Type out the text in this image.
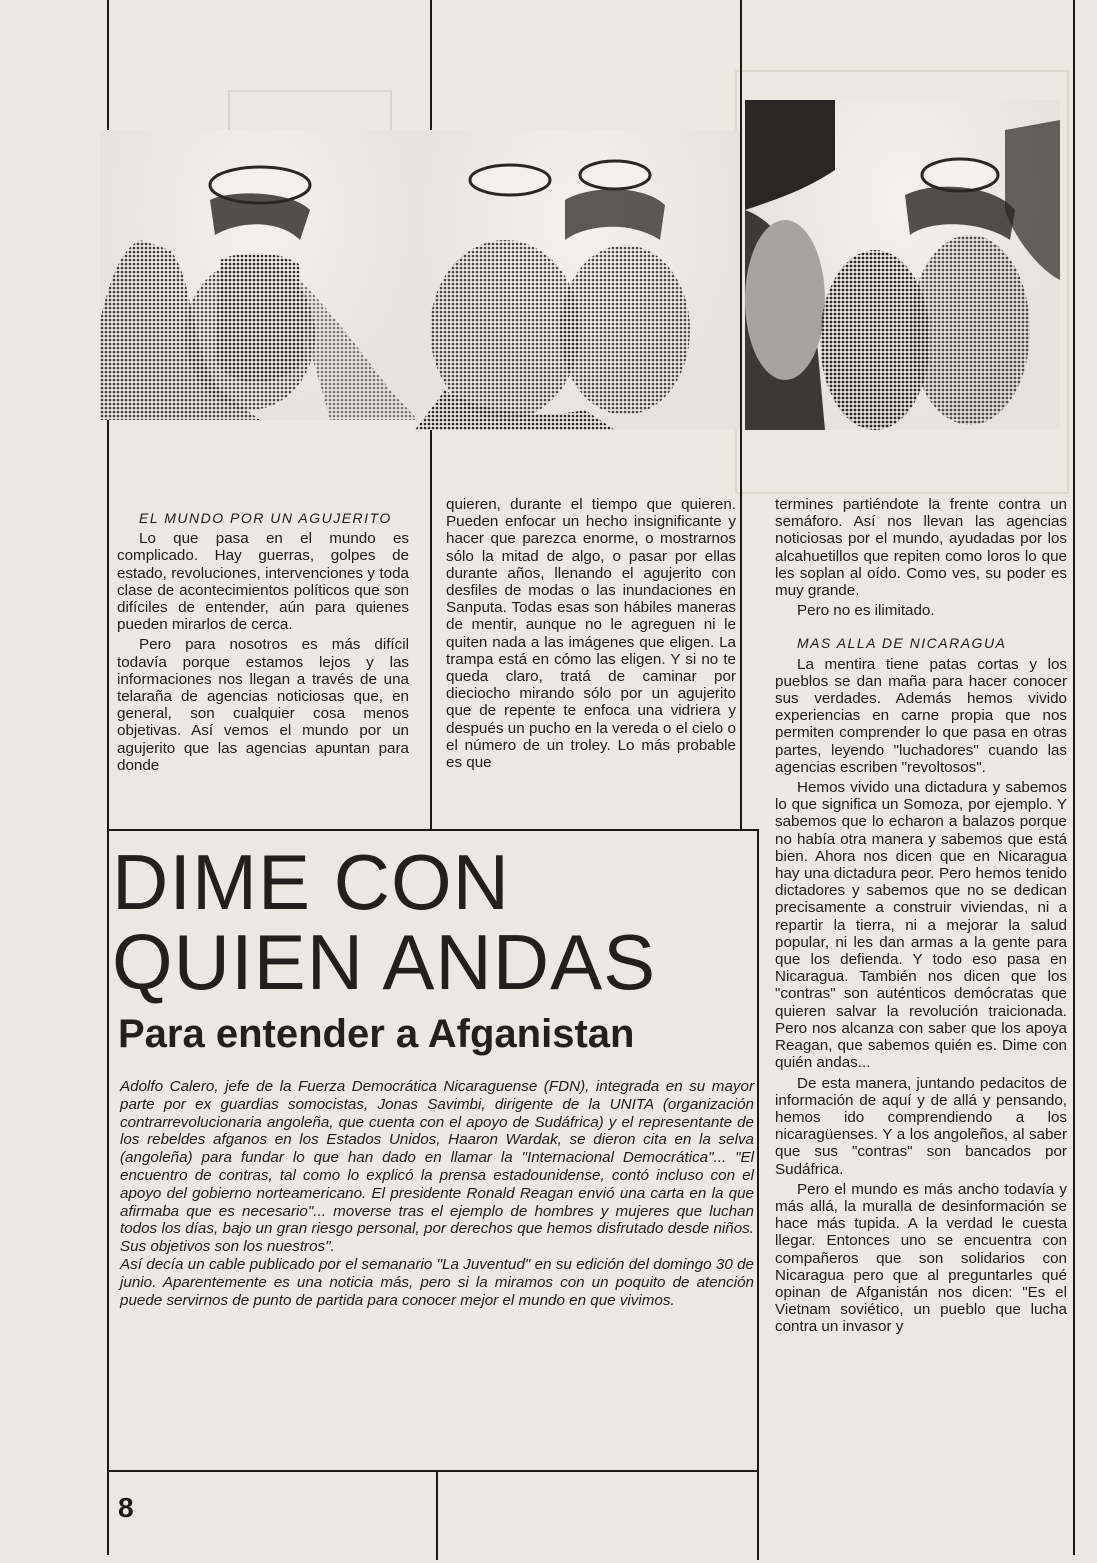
EL MUNDO POR UN AGUJERITO

Lo que pasa en el mundo es complicado. Hay guerras, golpes de estado, revoluciones, intervenciones y toda clase de acontecimientos políticos que son difíciles de entender, aún para quienes pueden mirarlos de cerca.

Pero para nosotros es más difícil todavía porque estamos lejos y las informaciones nos llegan a través de una telaraña de agencias noticiosas que, en general, son cualquier cosa menos objetivas. Así vemos el mundo por un agujerito que las agencias apuntan para donde

quieren, durante el tiempo que quieren. Pueden enfocar un hecho insignificante y hacer que parezca enorme, o mostrarnos sólo la mitad de algo, o pasar por ellas durante años, llenando el agujerito con desfiles de modas o las inundaciones en Sanputa. Todas esas son hábiles maneras de mentir, aunque no le agreguen ni le quiten nada a las imágenes que eligen. La trampa está en cómo las eligen. Y si no te queda claro, tratá de caminar por dieciocho mirando sólo por un agujerito que de repente te enfoca una vidriera y después un pucho en la vereda o el cielo o el número de un troley. Lo más probable es que

termines partiéndote la frente contra un semáforo. Así nos llevan las agencias noticiosas por el mundo, ayudadas por los alcahuetillos que repiten como loros lo que les soplan al oído. Como ves, su poder es muy grande.

Pero no es ilimitado.

MAS ALLA DE NICARAGUA

La mentira tiene patas cortas y los pueblos se dan maña para hacer conocer sus verdades. Además hemos vivido experiencias en carne propia que nos permiten comprender lo que pasa en otras partes, leyendo "luchadores" cuando las agencias escriben "revoltosos".

Hemos vivido una dictadura y sabemos lo que significa un Somoza, por ejemplo. Y sabemos que lo echaron a balazos porque no había otra manera y sabemos que está bien. Ahora nos dicen que en Nicaragua hay una dictadura peor. Pero hemos tenido dictadores y sabemos que no se dedican precisamente a construir viviendas, ni a repartir la tierra, ni a mejorar la salud popular, ni les dan armas a la gente para que los defienda. Y todo eso pasa en Nicaragua. También nos dicen que los "contras" son auténticos demócratas que quieren salvar la revolución traicionada. Pero nos alcanza con saber que los apoya Reagan, que sabemos quién es. Dime con quién andas...

De esta manera, juntando pedacitos de información de aquí y de allá y pensando, hemos ido comprendiendo a los nicaragüenses. Y a los angoleños, al saber que sus "contras" son bancados por Sudáfrica.

Pero el mundo es más ancho todavía y más allá, la muralla de desinformación se hace más tupida. A la verdad le cuesta llegar. Entonces uno se encuentra con compañeros que son solidarios con Nicaragua pero que al preguntarles qué opinan de Afganistán nos dicen: "Es el Vietnam soviético, un pueblo que lucha contra un invasor y

DIME CON
QUIEN ANDAS
Para entender a Afganistan

Adolfo Calero, jefe de la Fuerza Democrática Nicaraguense (FDN), integrada en su mayor parte por ex guardias somocistas, Jonas Savimbi, dirigente de la UNITA (organización contrarrevolucionaria angoleña, que cuenta con el apoyo de Sudáfrica) y el representante de los rebeldes afganos en los Estados Unidos, Haaron Wardak, se dieron cita en la selva (angoleña) para fundar lo que han dado en llamar la "Internacional Democrática"... "El encuentro de contras, tal como lo explicó la prensa estadounidense, contó incluso con el apoyo del gobierno norteamericano. El presidente Ronald Reagan envió una carta en la que afirmaba que es necesario"... moverse tras el ejemplo de hombres y mujeres que luchan todos los días, bajo un gran riesgo personal, por derechos que hemos disfrutado desde niños. Sus objetivos son los nuestros".

Así decía un cable publicado por el semanario "La Juventud" en su edición del domingo 30 de junio. Aparentemente es una noticia más, pero si la miramos con un poquito de atención puede servirnos de punto de partida para conocer mejor el mundo en que vivimos.

8
